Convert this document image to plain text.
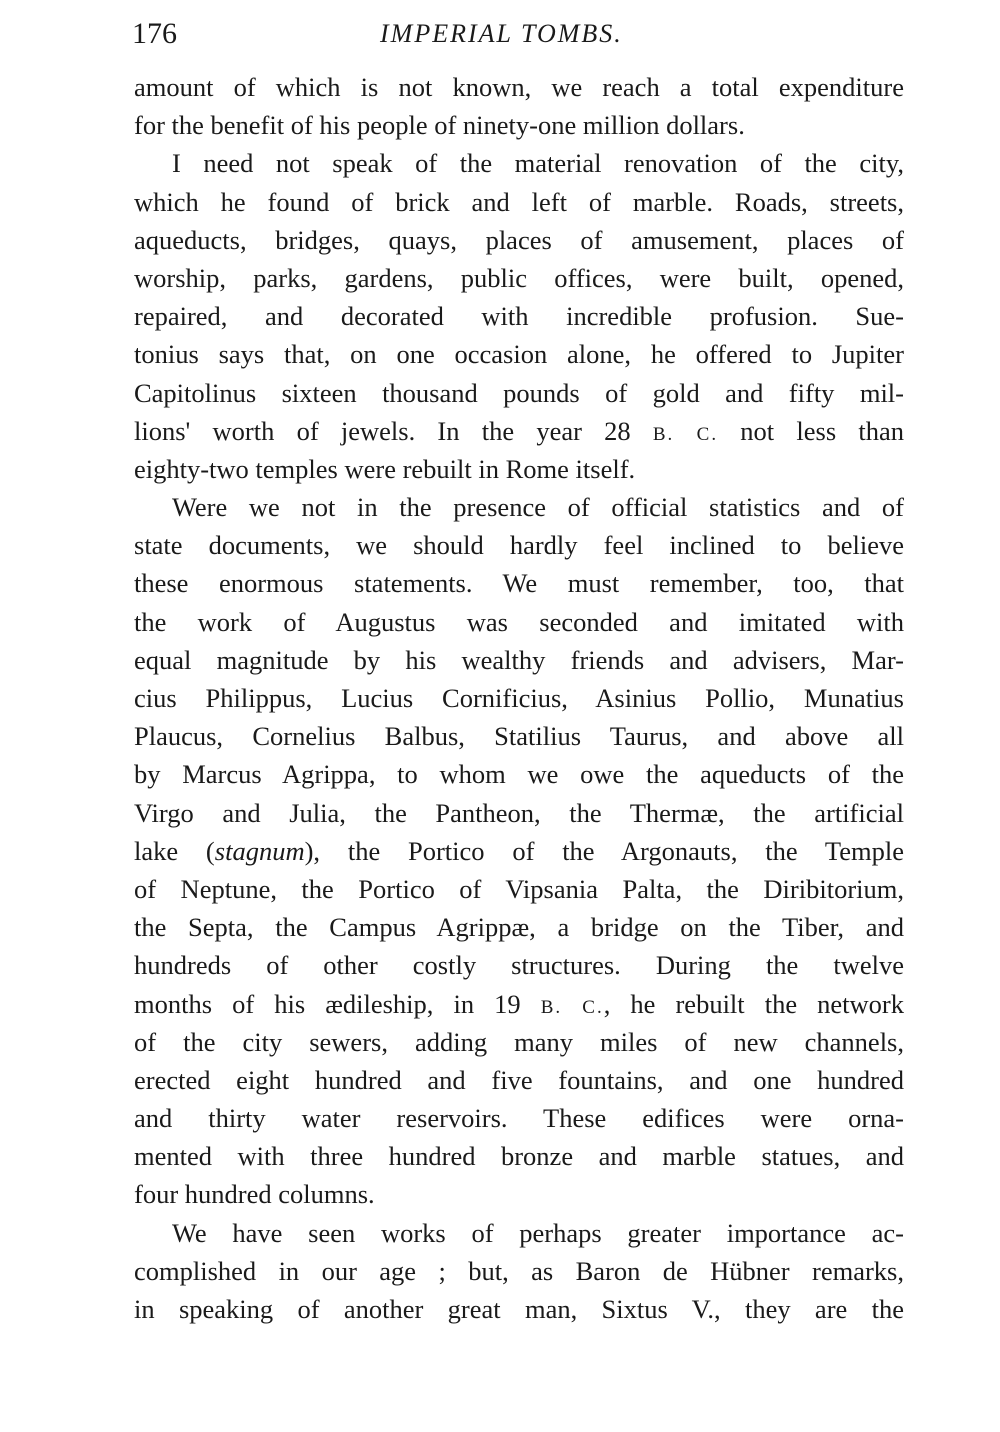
176	IMPERIAL TOMBS.
amount of which is not known, we reach a total expenditure
for the benefit of his people of ninety-one million dollars.
I need not speak of the material renovation of the city,
which he found of brick and left of marble. Roads, streets,
aqueducts, bridges, quays, places of amusement, places of
worship, parks, gardens, public offices, were built, opened,
repaired, and decorated with incredible profusion. Sue-
tonius says that, on one occasion alone, he offered to Jupiter
Capitolinus sixteen thousand pounds of gold and fifty mil-
lions' worth of jewels. In the year 28 B. C. not less than
eighty-two temples were rebuilt in Rome itself.
Were we not in the presence of official statistics and of
state documents, we should hardly feel inclined to believe
these enormous statements. We must remember, too, that
the work of Augustus was seconded and imitated with
equal magnitude by his wealthy friends and advisers, Mar-
cius Philippus, Lucius Cornificius, Asinius Pollio, Munatius
Plaucus, Cornelius Balbus, Statilius Taurus, and above all
by Marcus Agrippa, to whom we owe the aqueducts of the
Virgo and Julia, the Pantheon, the Thermæ, the artificial
lake (stagnum), the Portico of the Argonauts, the Temple
of Neptune, the Portico of Vipsania Palta, the Diribitorium,
the Septa, the Campus Agrippæ, a bridge on the Tiber, and
hundreds of other costly structures. During the twelve
months of his ædileship, in 19 B. C., he rebuilt the network
of the city sewers, adding many miles of new channels,
erected eight hundred and five fountains, and one hundred
and thirty water reservoirs. These edifices were orna-
mented with three hundred bronze and marble statues, and
four hundred columns.
We have seen works of perhaps greater importance ac-
complished in our age ; but, as Baron de Hübner remarks,
in speaking of another great man, Sixtus V., they are the
